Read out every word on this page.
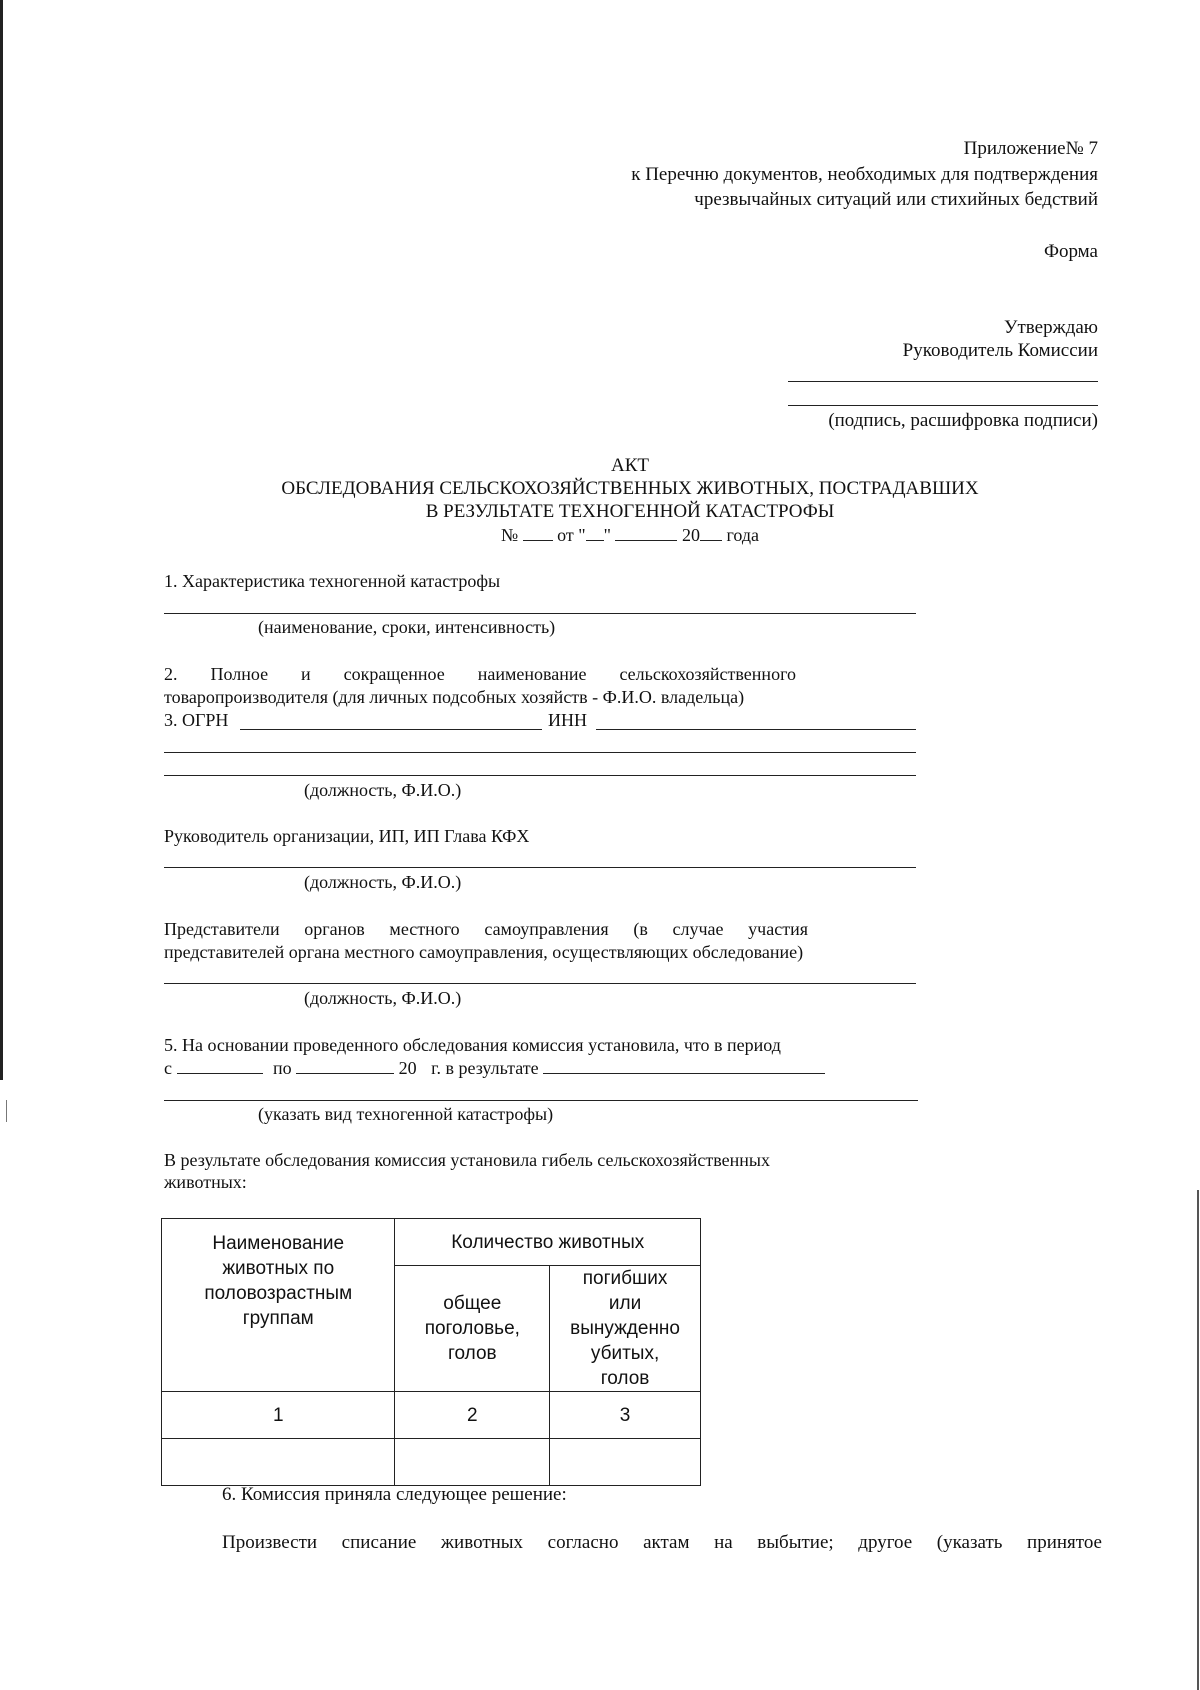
Приложение№ 7
к Перечню документов, необходимых для подтверждения
чрезвычайных ситуаций или стихийных бедствий
Форма
Утверждаю
Руководитель Комиссии
(подпись, расшифровка подписи)
АКТ
ОБСЛЕДОВАНИЯ СЕЛЬСКОХОЗЯЙСТВЕННЫХ ЖИВОТНЫХ, ПОСТРАДАВШИХ
В РЕЗУЛЬТАТЕ ТЕХНОГЕННОЙ КАТАСТРОФЫ
№ от " "	20 года
1. Характеристика техногенной катастрофы
(наименование, сроки, интенсивность)
2. Полное и сокращенное наименование сельскохозяйственного
товаропроизводителя (для личных подсобных хозяйств - Ф.И.О. владельца)
3. ОГРН	ИНН
(должность, Ф.И.О.)
Руководитель организации, ИП, ИП Глава КФХ
(должность, Ф.И.О.)
Представители органов местного самоуправления (в случае участия
представителей органа местного самоуправления, осуществляющих обследование)
(должность, Ф.И.О.)
5. На основании проведенного обследования комиссия установила, что в период
с	по	20 г. в результате
(указать вид техногенной катастрофы)
В результате обследования комиссия установила гибель сельскохозяйственных
животных:
Наименование животных по половозрастным группам	Количество животных	
	общее поголовье, голов	погибших или вынужденно убитых, голов
1	2	3

6. Комиссия приняла следующее решение:
Произвести списание животных согласно актам на выбытие; другое (указать принятое
